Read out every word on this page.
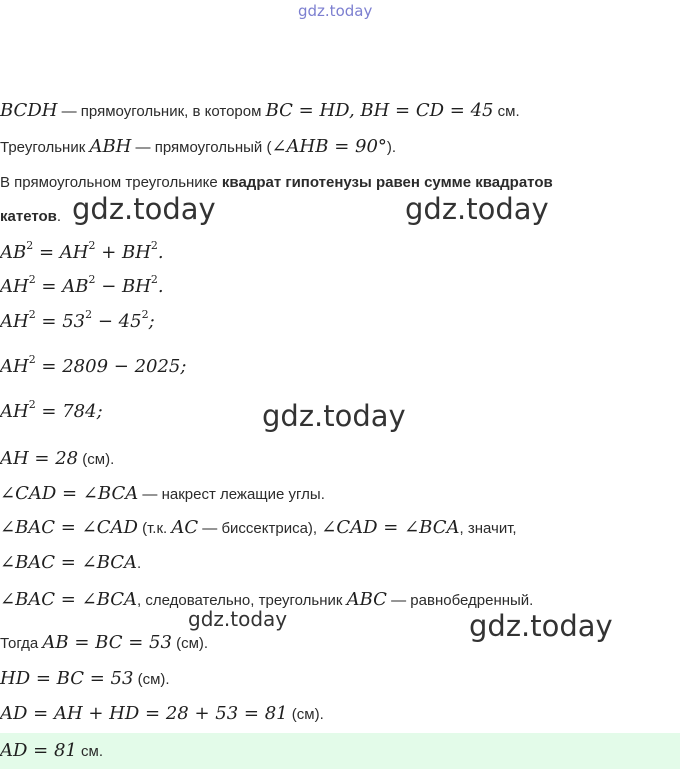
gdz.today
gdz.today	gdz.today
gdz.today
gdz.today	gdz.today
BCDH — прямоугольник, в котором BC = HD, BH = CD = 45 см.
Треугольник ABH — прямоугольный (∠AHB = 90°).
В прямоугольном треугольнике квадрат гипотенузы равен сумме квадратов
катетов.
$AB^2 = AH^2 + BH^2$.
$AH^2 = AB^2 - BH^2$.
$AH^2 = 53^2 - 45^2$;
$AH^2 = 2809 - 2025$;
$AH^2 = 784$;
AH = 28 (см).
∠CAD = ∠BCA — накрест лежащие углы.
∠BAC = ∠CAD (т.к. AC — биссектриса), ∠CAD = ∠BCA, значит,
∠BAC = ∠BCA.
∠BAC = ∠BCA, следовательно, треугольник ABC — равнобедренный.
Тогда AB = BC = 53 (см).
HD = BC = 53 (см).
AD = AH + HD = 28 + 53 = 81 (см).
AD = 81 см.
